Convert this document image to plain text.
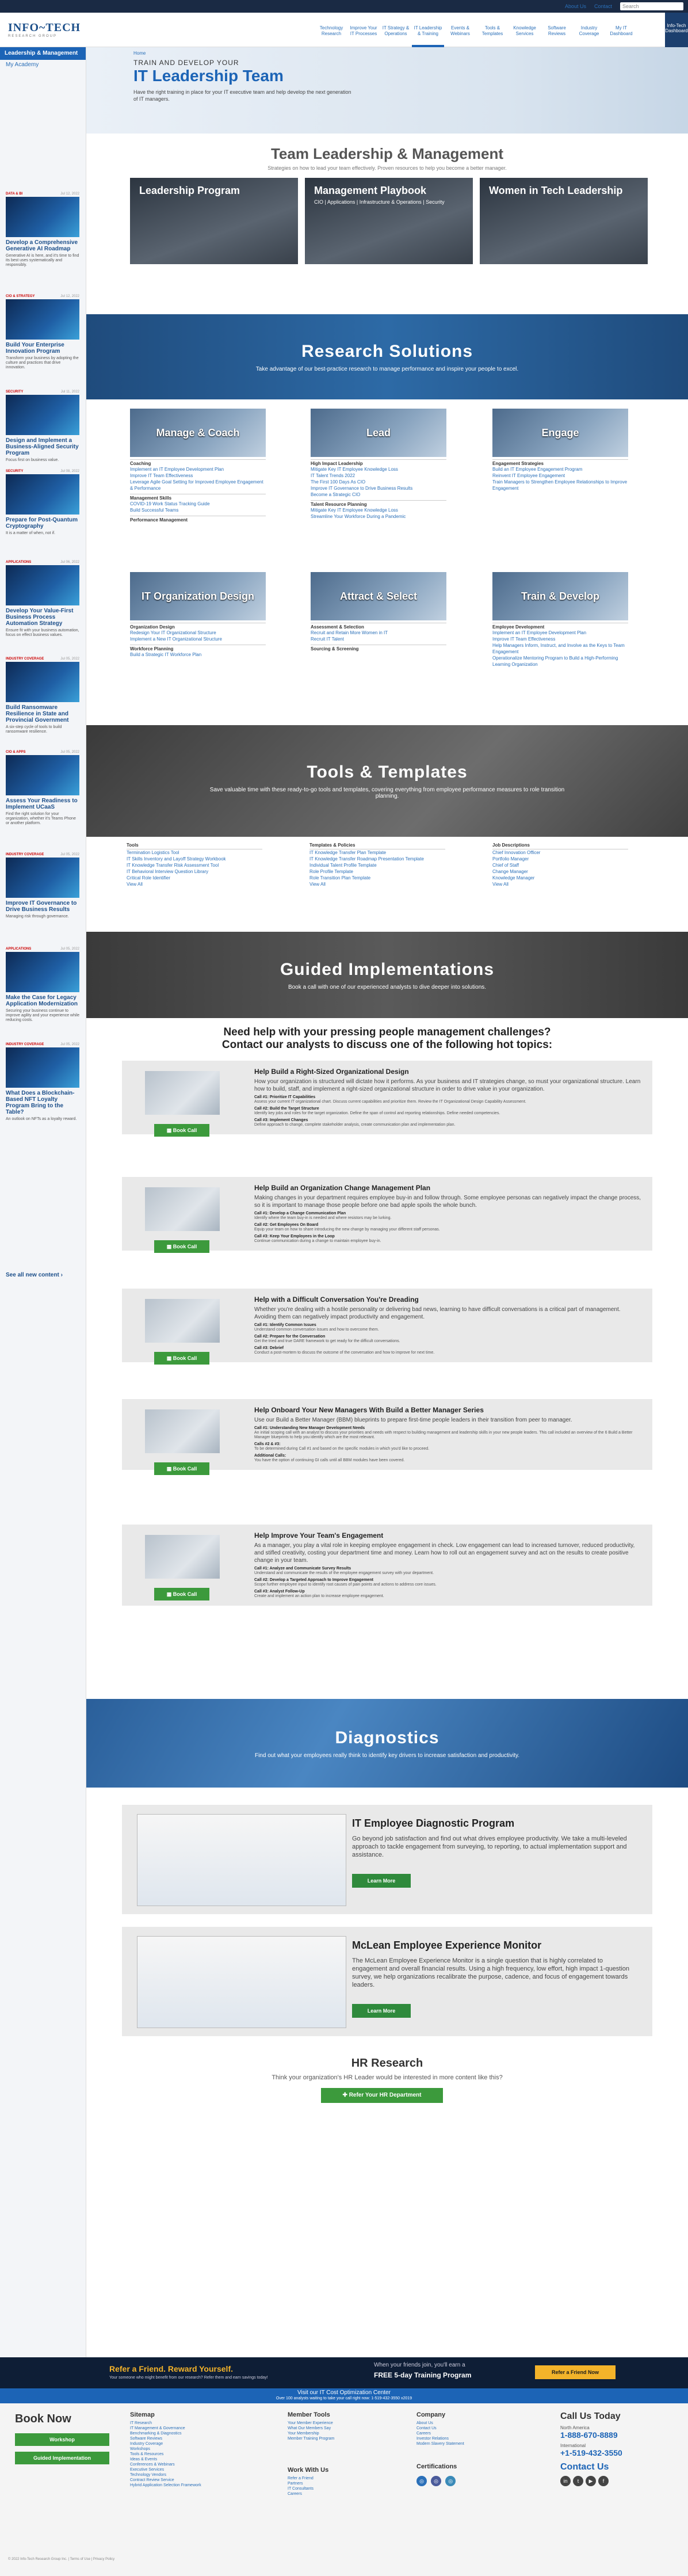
About Us Contact	Search
INFO~TECH
RESEARCH GROUP
Technology Research
Improve Your IT Processes
IT Strategy & Operations
IT Leadership & Training
Events & Webinars
Tools & Templates
Knowledge Services
Software Reviews
Industry Coverage
My IT Dashboard
Info-Tech Dashboard
Leadership & Management
My Academy
See all new content ›
DATA & BI	Jul 12, 2022
Develop a Comprehensive Generative AI Roadmap
Generative AI is here, and it's time to find its best uses systematically and responsibly.
CIO & STRATEGY	Jul 12, 2022
Build Your Enterprise Innovation Program
Transform your business by adopting the culture and practices that drive innovation.
SECURITY	Jul 11, 2022
Design and Implement a Business-Aligned Security Program
Focus first on business value.
SECURITY	Jul 08, 2022
Prepare for Post-Quantum Cryptography
It is a matter of when, not if.
APPLICATIONS	Jul 06, 2022
Develop Your Value-First Business Process Automation Strategy
Ensure fit with your business automation, focus on effect business values.
INDUSTRY COVERAGE	Jul 05, 2022
Build Ransomware Resilience in State and Provincial Government
A six-step cycle of tools to build ransomware resilience.
CIO & APPS	Jul 05, 2022
Assess Your Readiness to Implement UCaaS
Find the right solution for your organization, whether it's Teams Phone or another platform.
INDUSTRY COVERAGE	Jul 05, 2022
Improve IT Governance to Drive Business Results
Managing risk through governance.
APPLICATIONS	Jul 05, 2022
Make the Case for Legacy Application Modernization
Securing your business continue to improve agility and your experience while reducing costs.
INDUSTRY COVERAGE	Jul 05, 2022
What Does a Blockchain-Based NFT Loyalty Program Bring to the Table?
An outlook on NFTs as a loyalty reward.
Home
TRAIN AND DEVELOP YOUR
IT Leadership Team
Have the right training in place for your IT executive team and help develop the next generation of IT managers.
Team Leadership & Management
Strategies on how to lead your team effectively. Proven resources to help you become a better manager.
Leadership Program	Management Playbook
CIO | Applications | Infrastructure & Operations | Security
Women in Tech Leadership
Research Solutions
Take advantage of our best-practice research to manage performance and inspire your people to excel.
Manage & Coach
Coaching
Implement an IT Employee Development Plan
Improve IT Team Effectiveness
Leverage Agile Goal Setting for Improved Employee Engagement & Performance
Management Skills
COVID-19 Work Status Tracking Guide
Build Successful Teams
Performance Management
Lead
High Impact Leadership
Mitigate Key IT Employee Knowledge Loss
IT Talent Trends 2022
The First 100 Days As CIO
Improve IT Governance to Drive Business Results
Become a Strategic CIO
Talent Resource Planning
Mitigate Key IT Employee Knowledge Loss
Streamline Your Workforce During a Pandemic
Engage
Engagement Strategies
Build an IT Employee Engagement Program
Reinvent IT Employee Engagement
Train Managers to Strengthen Employee Relationships to Improve Engagement
IT Organization Design
Organization Design
Redesign Your IT Organizational Structure
Implement a New IT Organizational Structure
Workforce Planning
Build a Strategic IT Workforce Plan
Attract & Select
Assessment & Selection
Recruit and Retain More Women in IT
Recruit IT Talent
Sourcing & Screening
Train & Develop
Employee Development
Implement an IT Employee Development Plan
Improve IT Team Effectiveness
Help Managers Inform, Instruct, and Involve as the Keys to Team Engagement
Operationalize Mentoring Program to Build a High-Performing Learning Organization
Tools & Templates
Save valuable time with these ready-to-go tools and templates, covering everything from employee performance measures to role transition planning.
Tools
Termination Logistics Tool
IT Skills Inventory and Layoff Strategy Workbook
IT Knowledge Transfer Risk Assessment Tool
IT Behavioral Interview Question Library
Critical Role Identifier
View All
Templates & Policies
IT Knowledge Transfer Plan Template
IT Knowledge Transfer Roadmap Presentation Template
Individual Talent Profile Template
Role Profile Template
Role Transition Plan Template
View All
Job Descriptions
Chief Innovation Officer
Portfolio Manager
Chief of Staff
Change Manager
Knowledge Manager
View All
Guided Implementations
Book a call with one of our experienced analysts to dive deeper into solutions.
Need help with your pressing people management challenges?
Contact our analysts to discuss one of the following hot topics:
▦ Book Call
Help Build a Right-Sized Organizational Design
How your organization is structured will dictate how it performs. As your business and IT strategies change, so must your organizational structure. Learn how to build, staff, and implement a right-sized organizational structure in order to drive value in your organization.
Call #1: Prioritize IT Capabilities
Assess your current IT organizational chart. Discuss current capabilities and prioritize them. Review the IT Organizational Design Capability Assessment.
Call #2: Build the Target Structure
Identify key jobs and roles for the target organization. Define the span of control and reporting relationships. Define needed competencies.
Call #3: Implement Changes
Define approach to change, complete stakeholder analysis, create communication plan and implementation plan.
▦ Book Call
Help Build an Organization Change Management Plan
Making changes in your department requires employee buy-in and follow through. Some employee personas can negatively impact the change process, so it is important to manage those people before one bad apple spoils the whole bunch.
Call #1: Develop a Change Communication Plan
Identify where the team buy-in is needed and where resistors may be lurking.
Call #2: Get Employees On Board
Equip your team on how to share introducing the new change by managing your different staff personas.
Call #3: Keep Your Employees in the Loop
Continue communication during a change to maintain employee buy-in.
▦ Book Call
Help with a Difficult Conversation You're Dreading
Whether you're dealing with a hostile personality or delivering bad news, learning to have difficult conversations is a critical part of management. Avoiding them can negatively impact productivity and engagement.
Call #1: Identify Common Issues
Understand common conversation issues and how to overcome them.
Call #2: Prepare for the Conversation
Get the tried and true DARE framework to get ready for the difficult conversations.
Call #3: Debrief
Conduct a post-mortem to discuss the outcome of the conversation and how to improve for next time.
▦ Book Call
Help Onboard Your New Managers With Build a Better Manager Series
Use our Build a Better Manager (BBM) blueprints to prepare first-time people leaders in their transition from peer to manager.
Call #1: Understanding New Manager Development Needs
An initial scoping call with an analyst to discuss your priorities and needs with respect to building management and leadership skills in your new people leaders. This call included an overview of the 6 Build a Better Manager blueprints to help you identify which are the most relevant.
Calls #2 & #3:
To be determined during Call #1 and based on the specific modules in which you'd like to proceed.
Additional Calls:
You have the option of continuing GI calls until all BBM modules have been covered.
▦ Book Call
Help Improve Your Team's Engagement
As a manager, you play a vital role in keeping employee engagement in check. Low engagement can lead to increased turnover, reduced productivity, and stifled creativity, costing your department time and money. Learn how to roll out an engagement survey and act on the results to create positive change in your team.
Call #1: Analyze and Communicate Survey Results
Understand and communicate the results of the employee engagement survey with your department.
Call #2: Develop a Targeted Approach to Improve Engagement
Scope further employee input to identify root causes of pain points and actions to address core issues.
Call #3: Analyst Follow-Up
Create and implement an action plan to increase employee engagement.
Diagnostics
Find out what your employees really think to identify key drivers to increase satisfaction and productivity.
HR Research
Think your organization's HR Leader would be interested in more content like this?
✚ Refer Your HR Department
IT Employee Diagnostic Program
Go beyond job satisfaction and find out what drives employee productivity. We take a multi-leveled approach to tackle engagement from surveying, to reporting, to actual implementation support and assistance.
Learn More
McLean Employee Experience Monitor
The McLean Employee Experience Monitor is a single question that is highly correlated to engagement and overall financial results. Using a high frequency, low effort, high impact 1-question survey, we help organizations recalibrate the purpose, cadence, and focus of engagement towards leaders.
Learn More
Refer a Friend. Reward Yourself.
Your someone who might benefit from our research? Refer them and earn savings today!
When your friends join, you'll earn a
FREE 5-day Training Program	Refer a Friend Now
Visit our IT Cost Optimization Center
Over 100 analysts waiting to take your call right now: 1-519-432-3550 x2019
Book Now
Workshop
Guided Implementation
Sitemap
IT Research
IT Management & Governance
Benchmarking & Diagnostics
Software Reviews
Industry Coverage
Workshops
Tools & Resources
Ideas & Events
Conferences & Webinars
Executive Services
Technology Vendors
Contract Review Service
Hybrid Application Selection Framework
Member Tools
Your Member Experience
What Our Members Say
Your Membership
Member Training Program
Work With Us
Refer a Friend
Partners
IT Consultants
Careers
Company
About Us
Contact Us
Careers
Investor Relations
Modern Slavery Statement
Certifications
◎ ◎ ◎
Call Us Today
North America
1-888-670-8889
International
+1-519-432-3550
Contact Us
in t ▶ f
© 2022 Info-Tech Research Group Inc. | Terms of Use | Privacy Policy
